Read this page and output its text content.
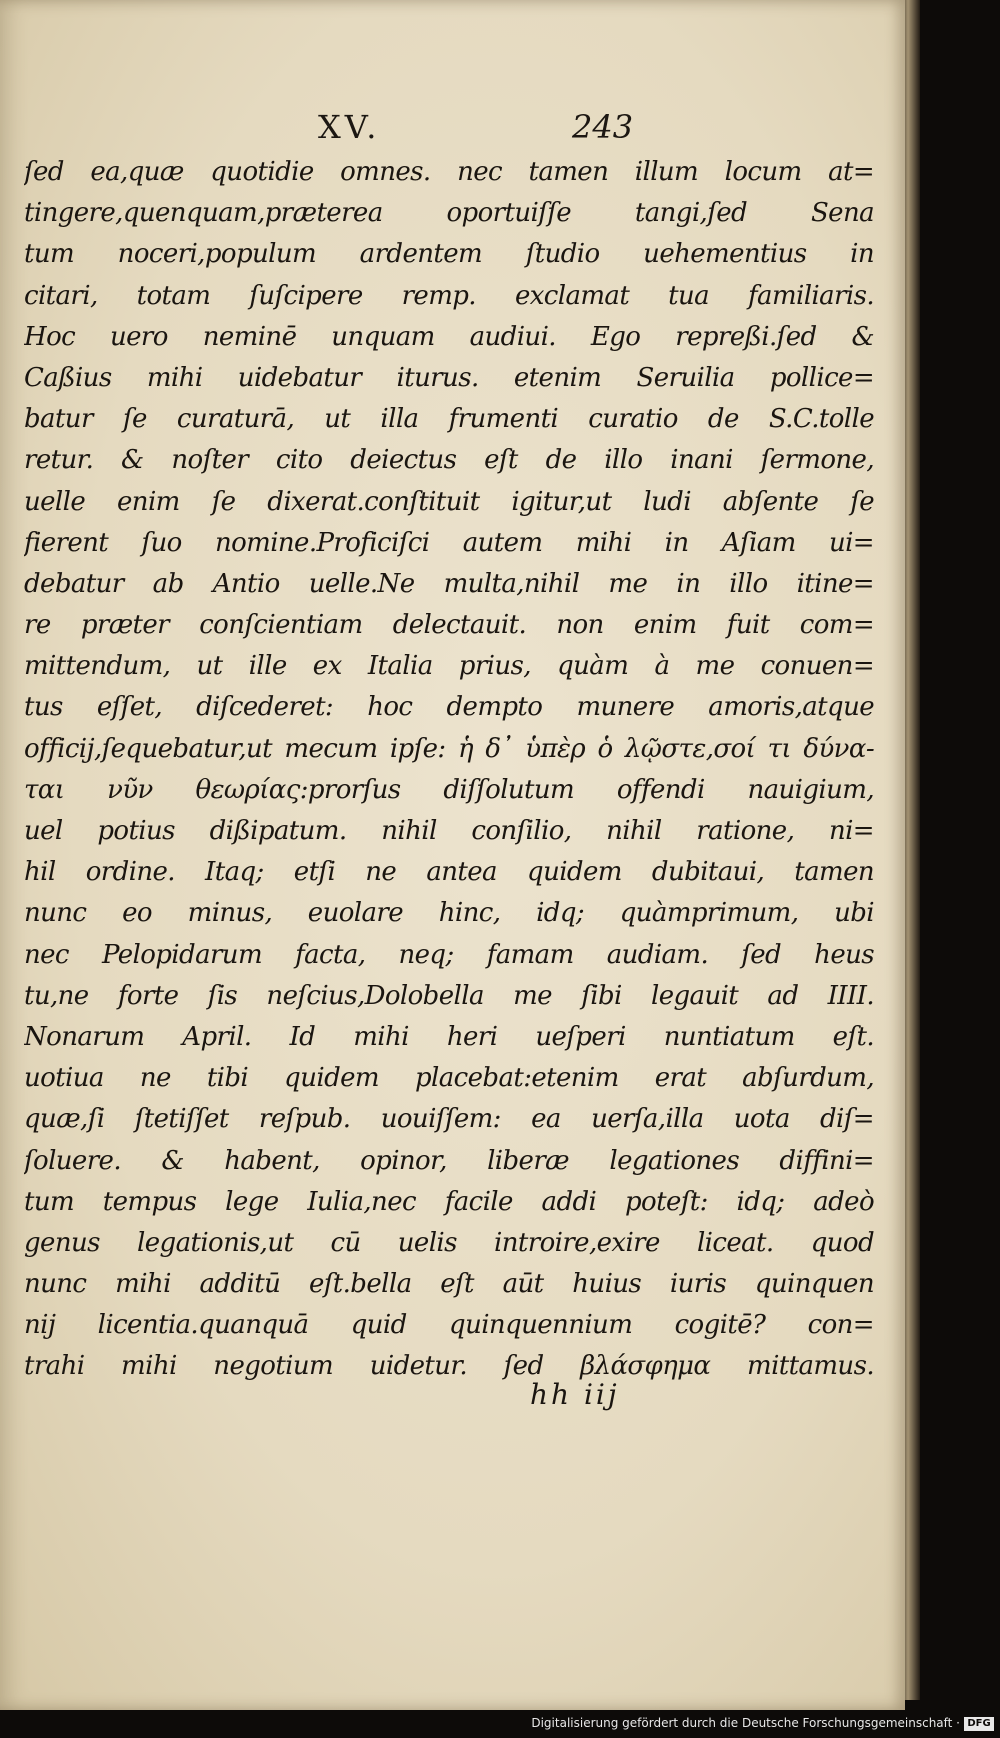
XV.	243
ſed ea,quæ quotidie omnes. nec tamen illum locum at=
tingere,quenquam,præterea oportuiſſe tangi,ſed Sena
tum noceri,populum ardentem ſtudio uehementius in
citari, totam ſuſcipere remp. exclamat tua familiaris.
Hoc uero neminē unquam audiui. Ego repreßi.ſed &
Caßius mihi uidebatur iturus. etenim Seruilia pollice=
batur ſe curaturā, ut illa frumenti curatio de S.C.tolle
retur. & noſter cito deiectus eſt de illo inani ſermone,
uelle enim ſe dixerat.conſtituit igitur,ut ludi abſente ſe
fierent ſuo nomine.Proficiſci autem mihi in Aſiam ui=
debatur ab Antio uelle.Ne multa,nihil me in illo itine=
re præter conſcientiam delectauit. non enim fuit com=
mittendum, ut ille ex Italia prius, quàm à me conuen=
tus eſſet, diſcederet: hoc dempto munere amoris,atque
officij,ſequebatur,ut mecum ipſe: ἡ δ᾽ ὑπὲρ ὁ λῷστε,σοί τι δύνα-
ται νῦν θεωρίας:prorſus diſſolutum offendi nauigium,
uel potius dißipatum. nihil conſilio, nihil ratione, ni=
hil ordine. Itaq; etſi ne antea quidem dubitaui, tamen
nunc eo minus, euolare hinc, idq; quàmprimum, ubi
nec Pelopidarum facta, neq; famam audiam. ſed heus
tu,ne forte ſis neſcius,Dolobella me ſibi legauit ad IIII.
Nonarum April. Id mihi heri ueſperi nuntiatum eſt.
uotiua ne tibi quidem placebat:etenim erat abſurdum,
quæ,ſi ſtetiſſet reſpub. uouiſſem: ea uerſa,illa uota diſ=
ſoluere. & habent, opinor, liberæ legationes diffini=
tum tempus lege Iulia,nec facile addi poteſt: idq; adeò
genus legationis,ut cū uelis introire,exire liceat. quod
nunc mihi additū eſt.bella eſt aūt huius iuris quinquen
nij licentia.quanquā quid quinquennium cogitē? con=
trahi mihi negotium uidetur. ſed βλάσφημα mittamus.
hh iij
Digitalisierung gefördert durch die Deutsche Forschungsgemeinschaft · DFG
